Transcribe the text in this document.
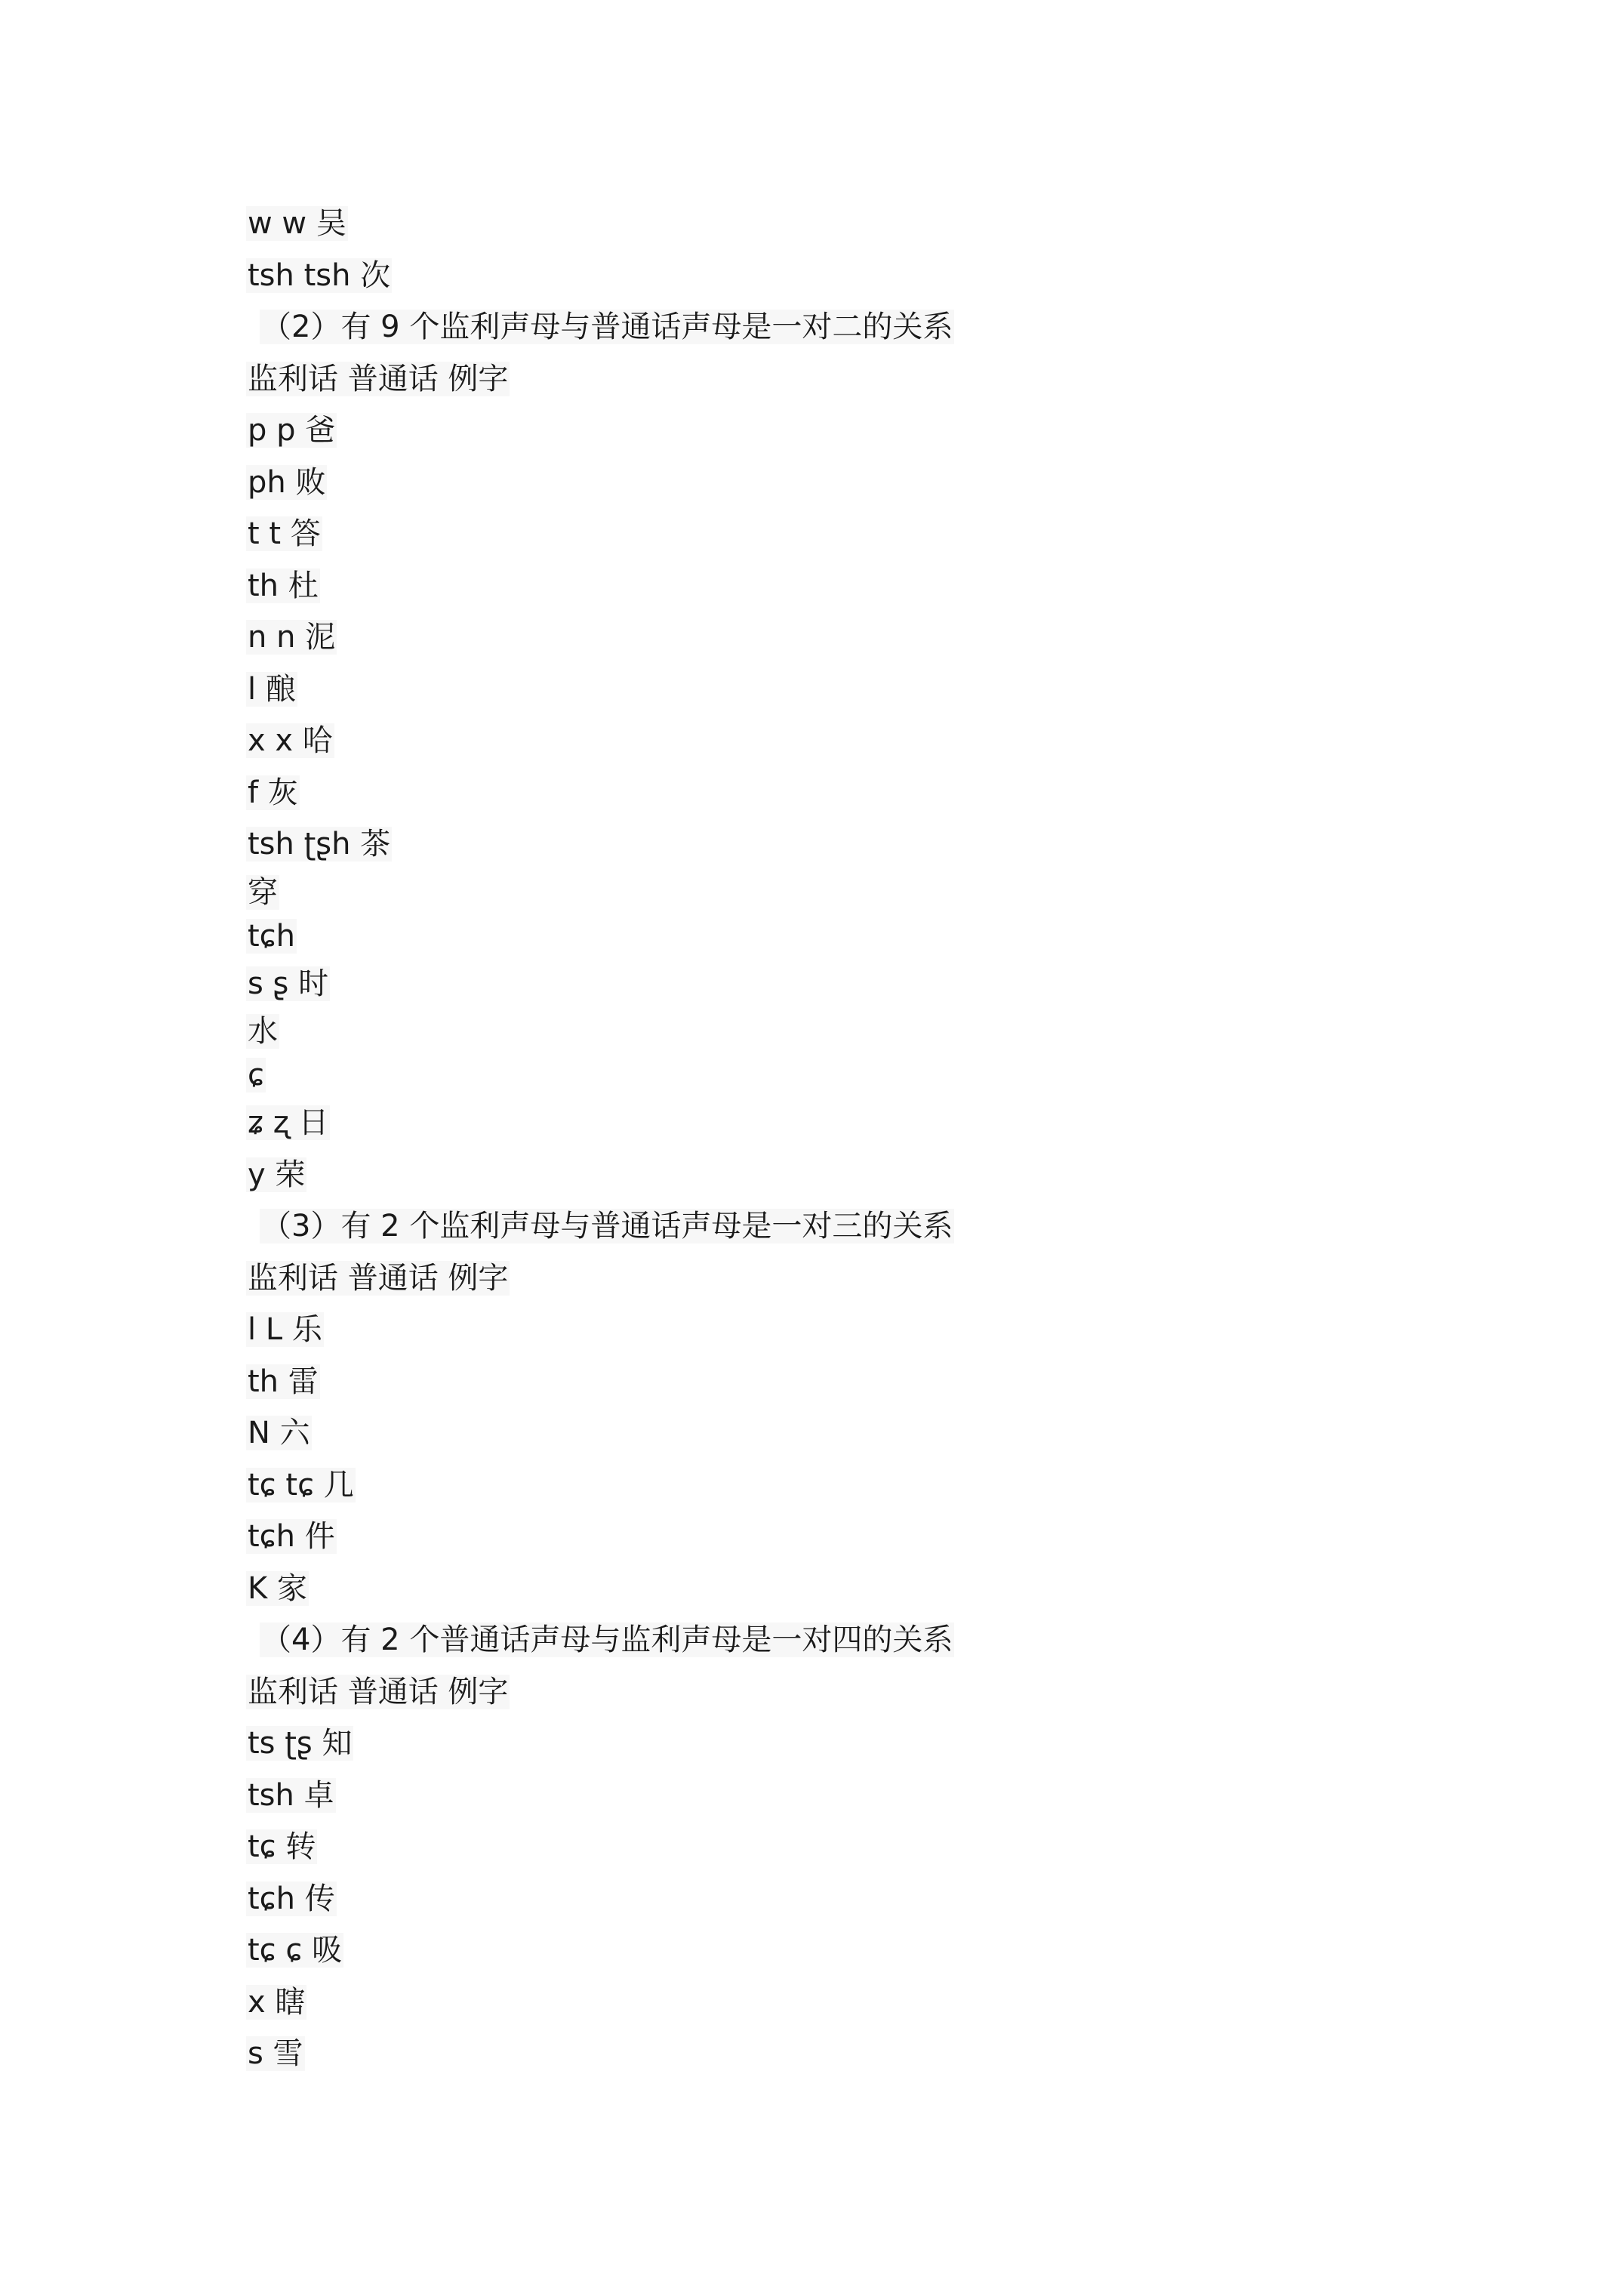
w w 吴
tsh tsh 次
（2）有 9 个监利声母与普通话声母是一对二的关系
监利话 普通话 例字
p p 爸
ph 败
t t 答
th 杜
n n 泥
l 酿
x x 哈
f 灰
tsh ʈʂh 茶
穿
tɕh
s ʂ 时
水
ɕ
ʑ ʐ 日
y 荣
（3）有 2 个监利声母与普通话声母是一对三的关系
监利话 普通话 例字
l L 乐
th 雷
N 六
tɕ tɕ 几
tɕh 件
K 家
（4）有 2 个普通话声母与监利声母是一对四的关系
监利话 普通话 例字
ts ʈʂ 知
tsh 卓
tɕ 转
tɕh 传
tɕ ɕ 吸
x 瞎
s 雪
